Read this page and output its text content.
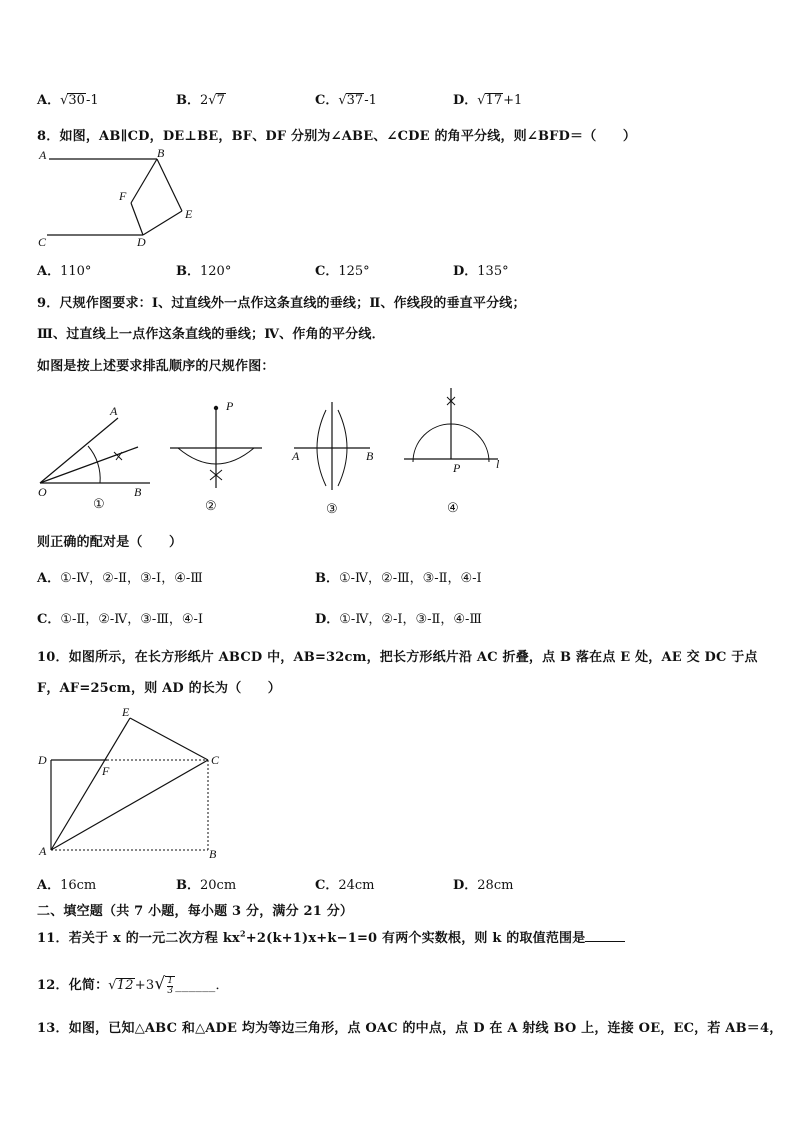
A．√30-1	B．2√7	C．√37-1	D．√17+1
8．如图，AB∥CD，DE⊥BE，BF、DF 分别为∠ABE、∠CDE 的角平分线，则∠BFD＝（　　）
A	B
C	D
E
F
A．110°	B．120°	C．125°	D．135°
9．尺规作图要求：Ⅰ、过直线外一点作这条直线的垂线；Ⅱ、作线段的垂直平分线；
Ⅲ、过直线上一点作这条直线的垂线；Ⅳ、作角的平分线．
如图是按上述要求排乱顺序的尺规作图：
A
O	B
①
P
②
A	B
③
P	l
④
则正确的配对是（　　）
A．①-Ⅳ，②-Ⅱ，③-Ⅰ，④-Ⅲ	B．①-Ⅳ，②-Ⅲ，③-Ⅱ，④-Ⅰ
C．①-Ⅱ，②-Ⅳ，③-Ⅲ，④-Ⅰ	D．①-Ⅳ，②-Ⅰ，③-Ⅱ，④-Ⅲ
10．如图所示，在长方形纸片 ABCD 中，AB=32cm，把长方形纸片沿 AC 折叠，点 B 落在点 E 处，AE 交 DC 于点
F，AF=25cm，则 AD 的长为（　　）
E
D	C
F
A	B
A．16cm	B．20cm	C．24cm	D．28cm
二、填空题（共 7 小题，每小题 3 分，满分 21 分）
11．若关于 x 的一元二次方程 $kx^2+2(k+1)x+k-1=0$ 有两个实数根，则 k 的取值范围是
12．化简：$√12+3√ \frac{1}{3}$ ______．
13．如图，已知△ABC 和△ADE 均为等边三角形，点 OAC 的中点，点 D 在 A 射线 BO 上，连接 OE，EC，若 AB＝4，
